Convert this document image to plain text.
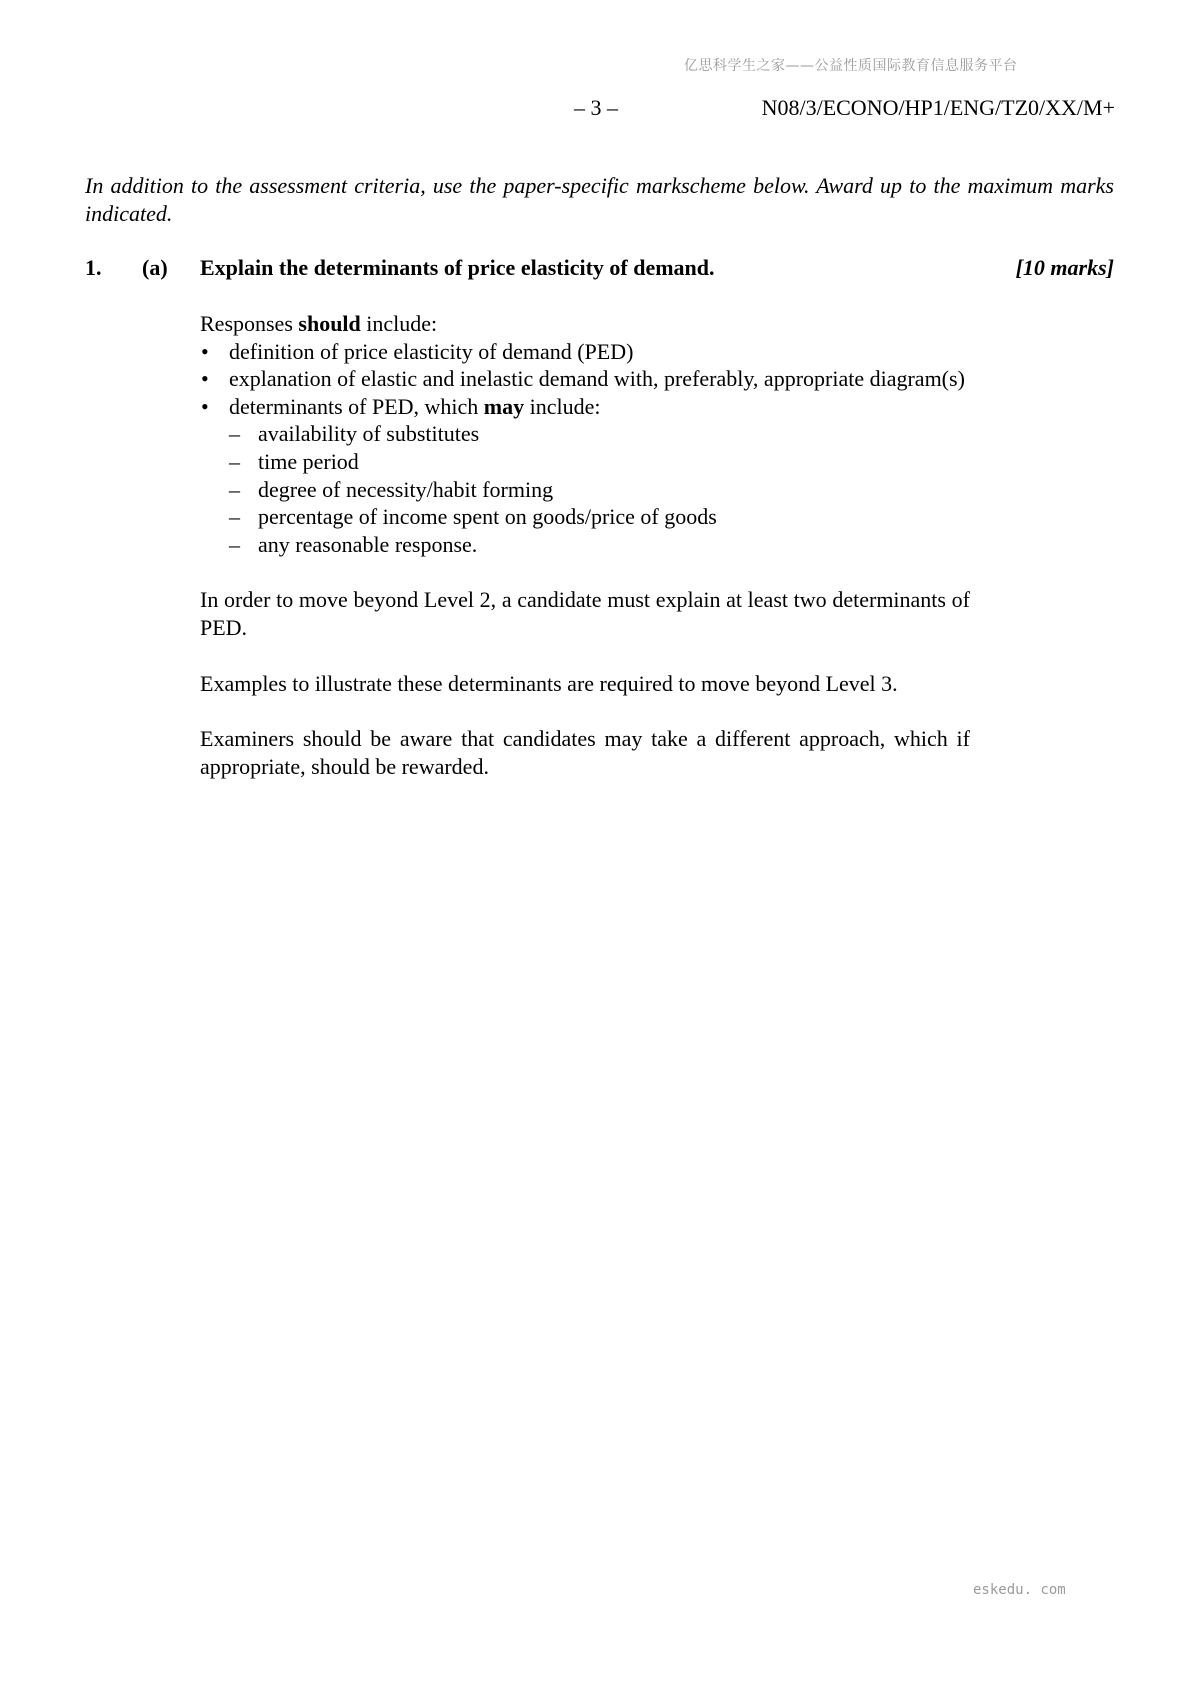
亿思科学生之家——公益性质国际教育信息服务平台
– 3 –	N08/3/ECONO/HP1/ENG/TZ0/XX/M+
In addition to the assessment criteria, use the paper-specific markscheme below. Award up to the maximum marks indicated.
1. (a) Explain the determinants of price elasticity of demand.	[10 marks]
Responses should include:
• definition of price elasticity of demand (PED)
• explanation of elastic and inelastic demand with, preferably, appropriate diagram(s)
• determinants of PED, which may include:
– availability of substitutes
– time period
– degree of necessity/habit forming
– percentage of income spent on goods/price of goods
– any reasonable response.

In order to move beyond Level 2, a candidate must explain at least two determinants of PED.

Examples to illustrate these determinants are required to move beyond Level 3.

Examiners should be aware that candidates may take a different approach, which if appropriate, should be rewarded.

eskedu. com
